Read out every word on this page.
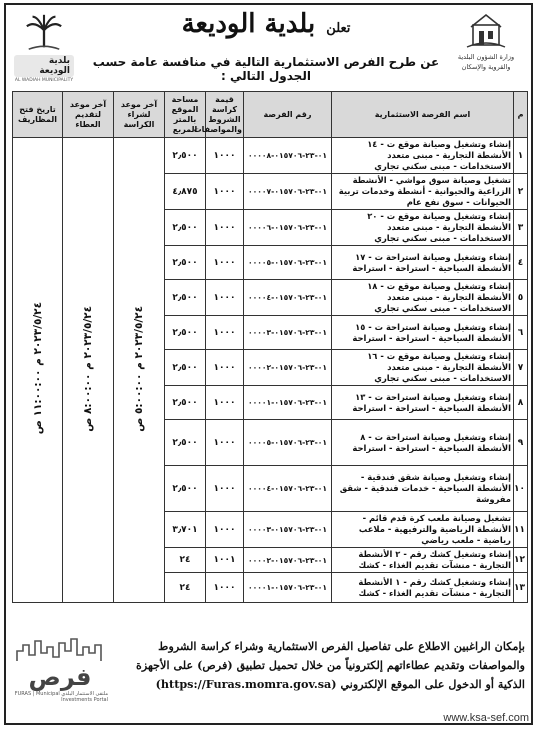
وزارة الشؤون البلدية
والقروية والإسكان
تعلن بلدية الوديعة
عن طرح الفرص الاستثمارية التالية في منافسة عامة حسب الجدول التالي :
بلدية الوديعة
AL WADIAH MUNICIPALITY
م	اسم الفرصة الاستثمارية	رقم الفرصة	قيمة كراسة الشروط والمواصفات	مساحة الموقع بالمتر المربع	آخر موعد لشراء الكراسة	آخر موعد لتقديم العطاء	تاريخ فتح المظاريف
١	إنشاء وتشغيل وصيانة موقع ت - ١٤ الأنشطة التجارية - مبنى متعدد الاستخدامات - مبنى سكني تجاري	٠١-٢٣-٠١٥٧٠٦-٠٠٠٠٨	١٠٠٠	٢٫٥٠٠	٢٠٢٣/٥/٢٤ م ٥:٠٠:٠٠ ص	٢٠٢٣/٥/٢٤ م ٨:٠٠:٠٠ ص	٢٠٢٣/٥/٢٤ م ١١:٠٠:٠٠ ص
٢	تشغيل وصيانة سوق مواشي - الأنشطة الزراعية والحيوانية - أنشطة وخدمات تربية الحيوانات - سوق نفع عام	٠١-٢٣-٠١٥٧٠٦-٠٠٠٠٧	١٠٠٠	٤٫٨٧٥			
٣	إنشاء وتشغيل وصيانة موقع ت - ٢٠ الأنشطة التجارية - مبنى متعدد الاستخدامات - مبنى سكني تجاري	٠١-٢٣-٠١٥٧٠٦-٠٠٠٠٦	١٠٠٠	٢٫٥٠٠			
٤	إنشاء وتشغيل وصيانة استراحة ت - ١٧ الأنشطة السياحية - استراحة - استراحة	٠١-٢٣-٠١٥٧٠٦-٠٠٠٠٥	١٠٠٠	٢٫٥٠٠			
٥	إنشاء وتشغيل وصيانة موقع ت - ١٨ الأنشطة التجارية - مبنى متعدد الاستخدامات - مبنى سكني تجاري	٠١-٢٣-٠١٥٧٠٦-٠٠٠٠٤	١٠٠٠	٢٫٥٠٠			
٦	إنشاء وتشغيل وصيانة استراحة ت - ١٥ الأنشطة السياحية - استراحة - استراحة	٠١-٢٣-٠١٥٧٠٦-٠٠٠٠٣	١٠٠٠	٢٫٥٠٠			
٧	إنشاء وتشغيل وصيانة موقع ت - ١٦ الأنشطة التجارية - مبنى متعدد الاستخدامات - مبنى سكني تجاري	٠١-٢٣-٠١٥٧٠٦-٠٠٠٠٢	١٠٠٠	٢٫٥٠٠			
٨	إنشاء وتشغيل وصيانة استراحة ت - ١٣ الأنشطة السياحية - استراحة - استراحة	٠١-٢٣-٠١٥٧٠٦-٠٠٠٠١	١٠٠٠	٢٫٥٠٠			
٩	إنشاء وتشغيل وصيانة استراحة ت - ٨ الأنشطة السياحية - استراحة - استراحة	٠١-٢٣-٠١٥٧٠٦-٠٠٠٠٥	١٠٠٠	٢٫٥٠٠			
١٠	إنشاء وتشغيل وصيانة شقق فندقية - الأنشطة السياحية - خدمات فندقية - شقق مفروشة	٠١-٢٣-٠١٥٧٠٦-٠٠٠٠٤	١٠٠٠	٢٫٥٠٠			
١١	تشغيل وصيانة ملعب كرة قدم قائم - الأنشطة الرياضية والترفيهية - ملاعب رياضية - ملعب رياضي	٠١-٢٣-٠١٥٧٠٦-٠٠٠٠٣	١٠٠٠	٣٫٧٠١			
١٢	إنشاء وتشغيل كشك رقم - ٢ الأنشطة التجارية - منشآت تقديم الغذاء - كشك	٠١-٢٣-٠١٥٧٠٦-٠٠٠٠٢	١٠٠١	٢٤			
١٣	إنشاء وتشغيل كشك رقم - ١ الأنشطة التجارية - منشآت تقديم الغذاء - كشك	٠١-٢٣-٠١٥٧٠٦-٠٠٠٠١	١٠٠٠	٢٤			
فرص
ملتقى الاستثمار البلدي FURAS | Municipal Investments Portal
بإمكان الراغبين الاطلاع على تفاصيل الفرص الاستثمارية وشراء كراسة الشروط
والمواصفات وتقديم عطاءاتهم إلكترونياً من خلال تحميل تطبيق (فرص) على الأجهزة
الذكية أو الدخول على الموقع الإلكتروني (https://Furas.momra.gov.sa)
www.ksa-sef.com
